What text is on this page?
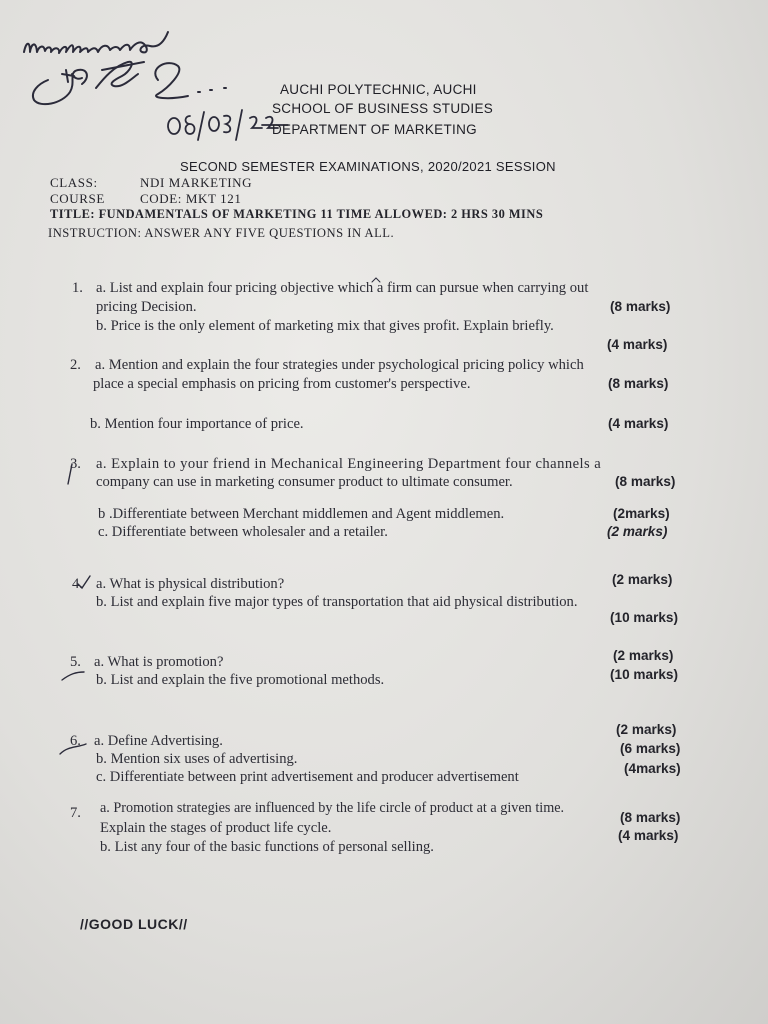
AUCHI POLYTECHNIC, AUCHI
SCHOOL OF BUSINESS STUDIES
DEPARTMENT OF MARKETING
SECOND SEMESTER EXAMINATIONS, 2020/2021 SESSION
CLASS:	NDI MARKETING
COURSE	CODE: MKT 121
TITLE: FUNDAMENTALS OF MARKETING 11 TIME ALLOWED: 2 HRS 30 MINS
INSTRUCTION: ANSWER ANY FIVE QUESTIONS IN ALL.
1. a. List and explain four pricing objective which a firm can pursue when carrying out
pricing Decision.	(8 marks)
b. Price is the only element of marketing mix that gives profit. Explain briefly.
(4 marks)
2. a. Mention and explain the four strategies under psychological pricing policy which
place a special emphasis on pricing from customer's perspective.	(8 marks)
b. Mention four importance of price.	(4 marks)
3. a. Explain to your friend in Mechanical Engineering Department four channels a
company can use in marketing consumer product to ultimate consumer.	(8 marks)
b .Differentiate between Merchant middlemen and Agent middlemen.	(2marks)
c. Differentiate between wholesaler and a retailer.	(2 marks)
4. a. What is physical distribution?	(2 marks)
b. List and explain five major types of transportation that aid physical distribution.
(10 marks)
5. a. What is promotion?	(2 marks)
b. List and explain the five promotional methods.	(10 marks)
6. a. Define Advertising.
(2 marks)
b. Mention six uses of advertising.
(6 marks)
c. Differentiate between print advertisement and producer advertisement
(4marks)
7. a. Promotion strategies are influenced by the life circle of product at a given time.
Explain the stages of product life cycle.
(8 marks)
b. List any four of the basic functions of personal selling.
(4 marks)
//GOOD LUCK//
